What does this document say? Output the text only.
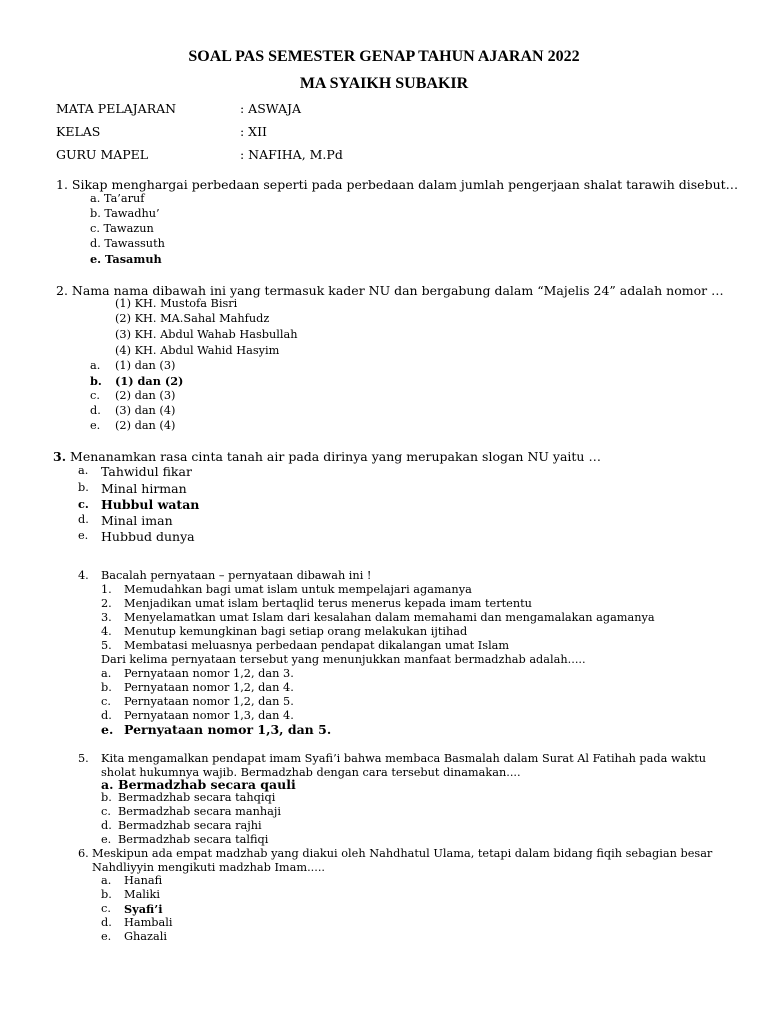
SOAL PAS SEMESTER GENAP TAHUN AJARAN 2022
MA SYAIKH SUBAKIR
MATA PELAJARAN	: ASWAJA
KELAS	: XII
GURU MAPEL	: NAFIHA, M.Pd
1. Sikap menghargai perbedaan seperti pada perbedaan dalam jumlah pengerjaan shalat tarawih disebut…
a. Ta’aruf
b. Tawadhu’
c. Tawazun
d. Tawassuth
e. Tasamuh
2. Nama nama dibawah ini yang termasuk kader NU dan bergabung dalam “Majelis 24” adalah nomor …
(1) KH. Mustofa Bisri
(2) KH. MA.Sahal Mahfudz
(3) KH. Abdul Wahab Hasbullah
(4) KH. Abdul Wahid Hasyim
a. (1) dan (3)
b. (1) dan (2)
c. (2) dan (3)
d. (3) dan (4)
e. (2) dan (4)
3. Menanamkan rasa cinta tanah air pada dirinya yang merupakan slogan NU yaitu …
a. Tahwidul fikar
b. Minal hirman
c. Hubbul watan
d. Minal iman
e. Hubbud dunya
4. Bacalah pernyataan – pernyataan dibawah ini !
1. Memudahkan bagi umat islam untuk mempelajari agamanya
2. Menjadikan umat islam bertaqlid terus menerus kepada imam tertentu
3. Menyelamatkan umat Islam dari kesalahan dalam memahami dan mengamalakan agamanya
4. Menutup kemungkinan bagi setiap orang melakukan ijtihad
5. Membatasi meluasnya perbedaan pendapat dikalangan umat Islam
Dari kelima pernyataan tersebut yang menunjukkan manfaat bermadzhab adalah.....
a. Pernyataan nomor 1,2, dan 3.
b. Pernyataan nomor 1,2, dan 4.
c. Pernyataan nomor 1,2, dan 5.
d. Pernyataan nomor 1,3, dan 4.
e. Pernyataan nomor 1,3, dan 5.
5. Kita mengamalkan pendapat imam Syafi’i bahwa membaca Basmalah dalam Surat Al Fatihah pada waktu
sholat hukumnya wajib. Bermadzhab dengan cara tersebut dinamakan....
a. Bermadzhab secara qauli
b. Bermadzhab secara tahqiqi
c. Bermadzhab secara manhaji
d. Bermadzhab secara rajhi
e. Bermadzhab secara talfiqi
6. Meskipun ada empat madzhab yang diakui oleh Nahdhatul Ulama, tetapi dalam bidang fiqih sebagian besar
Nahdliyyin mengikuti madzhab Imam.....
a. Hanafi
b. Maliki
c. Syafi’i
d. Hambali
e. Ghazali
